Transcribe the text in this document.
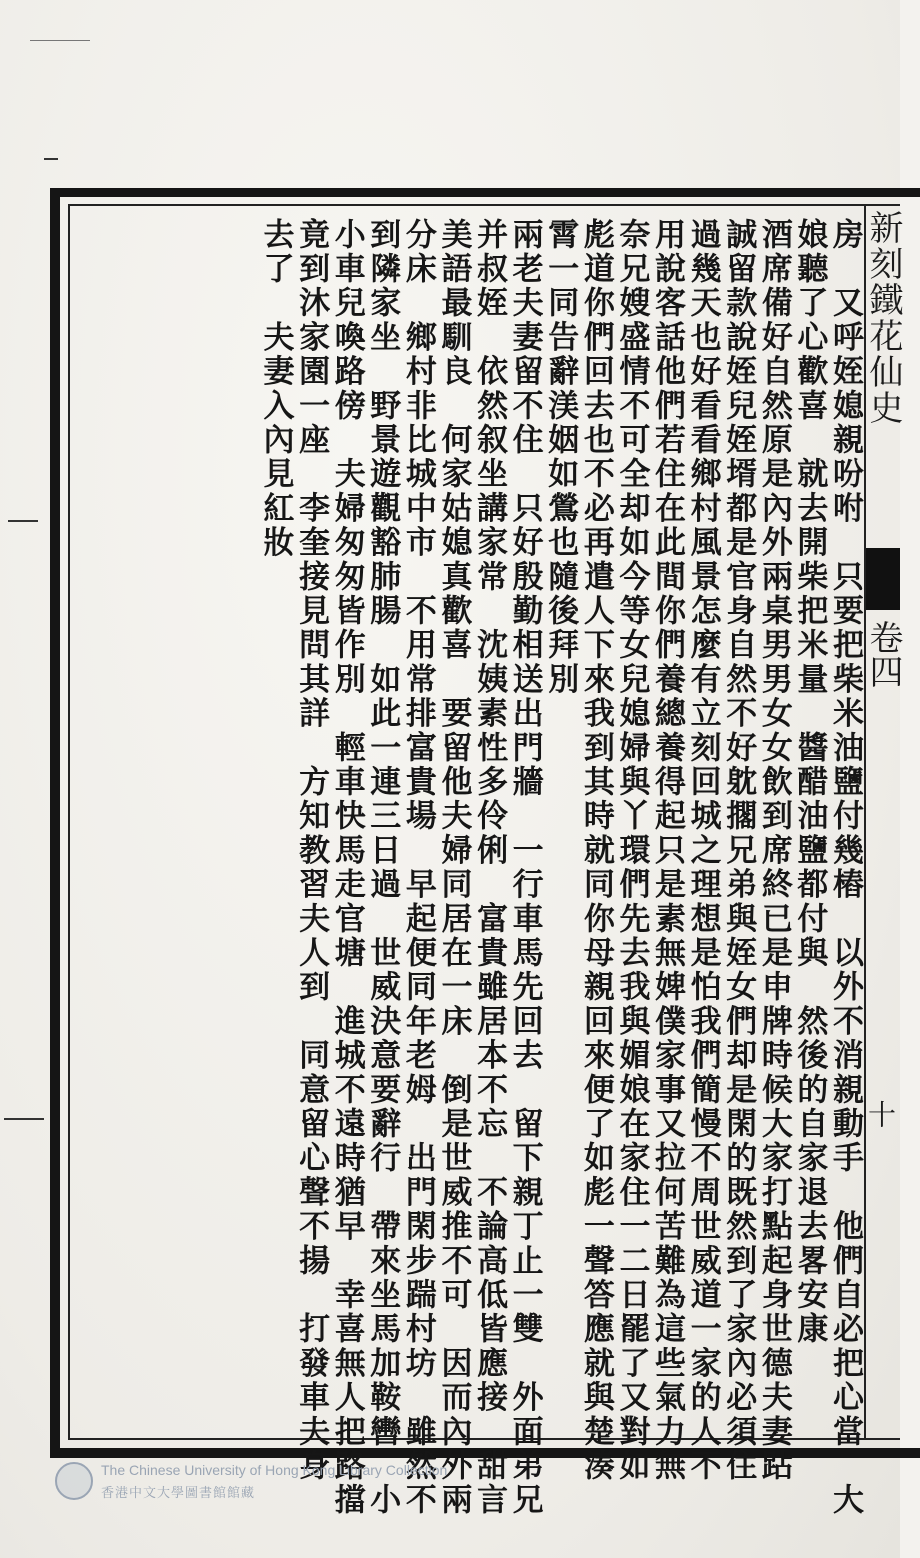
新刻鐵花仙史
卷四
十
房　又呼姪媳親吩咐　只要把柴米油鹽付幾樁　以外不消親動手　他們自必把心當　大
娘聽了心歡喜　就去開柴把米量　醬醋油鹽都付與　然後的自家退去畧安康
酒席備好自然原是內外兩桌男男女女飲到席終已是申牌時候大家打點起身世德夫妻跕
誠留款說姪兒姪壻都是官身自然不好躭擱兄弟與姪女們却是閑的既然到了家內必須住
過幾天也好看看鄉村風景怎麼有立刻回城之理想是怕我們簡慢不周世威道一家的人不
用說客話他們若住在此間你們養總養得起只是素無婢僕家事又拉何苦難為這些氣力無
奈兄嫂盛情不可全却如今等女兒媳婦與丫環們先去我與媚娘在家住一二日罷了又對如
彪道你們回去也不必再遣人下來我到其時就同你母親回來便了如彪一聲答應就與楚湊
霄一同告辭渼姻如鶯也隨後拜別
兩老夫妻留不住　只好殷勤相送出門牆　一行車馬先回去　留下親丁止一雙　外面弟兄
并叔姪　依然叙坐講家常　沈姨素性多伶俐　富貴雖居本不忘　不論高低皆應接　甜言
美語最馴良　何家姑媳真歡喜　要留他夫婦同居在一床　倒是世威推不可　因而內外兩
分床　鄉村非比城中市　不用常排富貴場　早起便同年老姆　出門閑步踹村坊　雖然不
到隣家坐　野景遊觀豁肺腸　如此一連三日過　世威決意要辭行　帶來坐馬加鞍轡　小
小車兒喚路傍　夫婦匆匆皆作別　輕車快馬走官塘　進城不遠時猶早　幸喜無人把路擋
竟到沐家園一座　李奎接見問其詳　方知教習夫人到　同意留心聲不揚　打發車夫身
去了　夫妻入內見紅妝
The Chinese University of Hong Kong Library Collection
香港中文大學圖書館館藏
